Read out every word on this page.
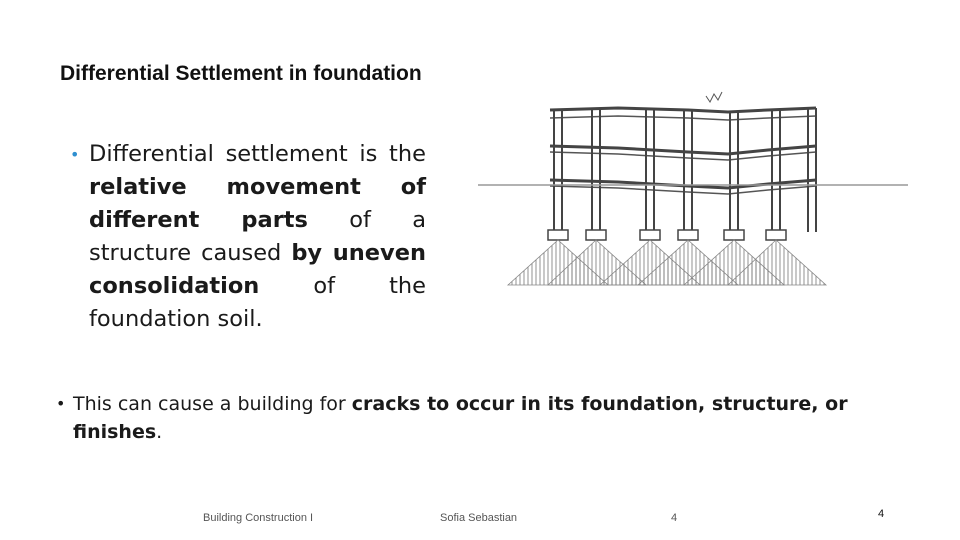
Differential Settlement in foundation
• Differential settlement is the relative movement of different parts of a structure caused by uneven consolidation of the foundation soil.
• This can cause a building for cracks to occur in its foundation, structure, or finishes.
Building Construction I	Sofia Sebastian	4	4
